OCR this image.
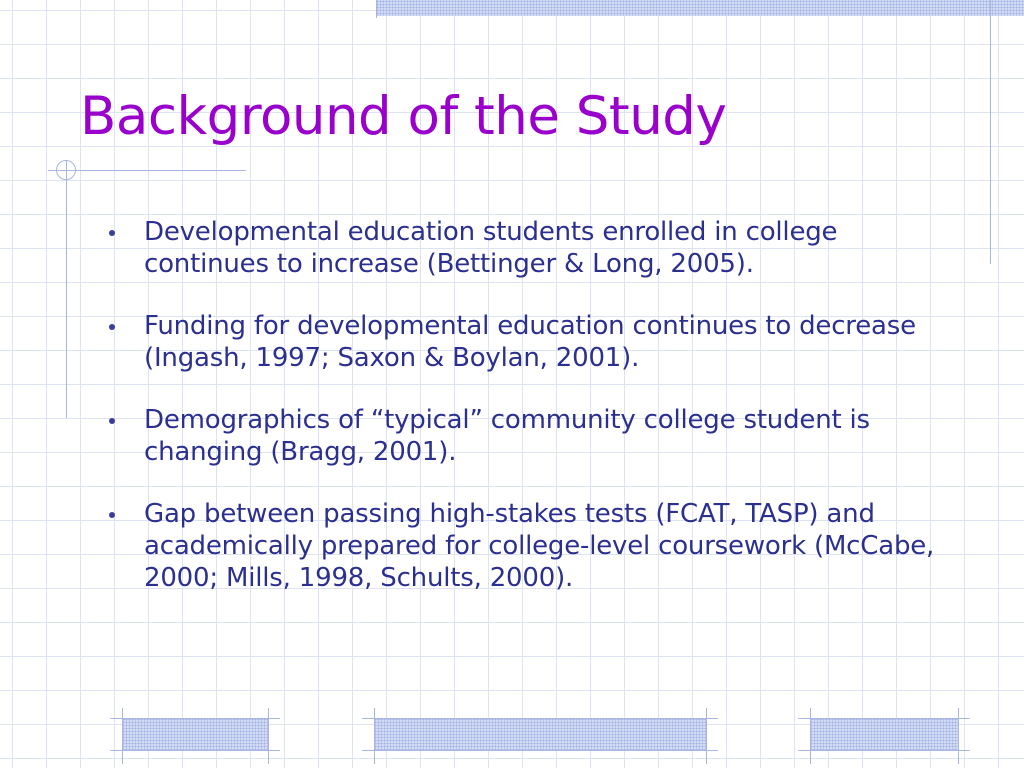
Background of the Study
Developmental education students enrolled in college continues to increase (Bettinger & Long, 2005).
Funding for developmental education continues to decrease (Ingash, 1997; Saxon & Boylan, 2001).
Demographics of “typical” community college student is changing (Bragg, 2001).
Gap between passing high-stakes tests (FCAT, TASP) and academically prepared for college-level coursework (McCabe, 2000; Mills, 1998, Schults, 2000).
